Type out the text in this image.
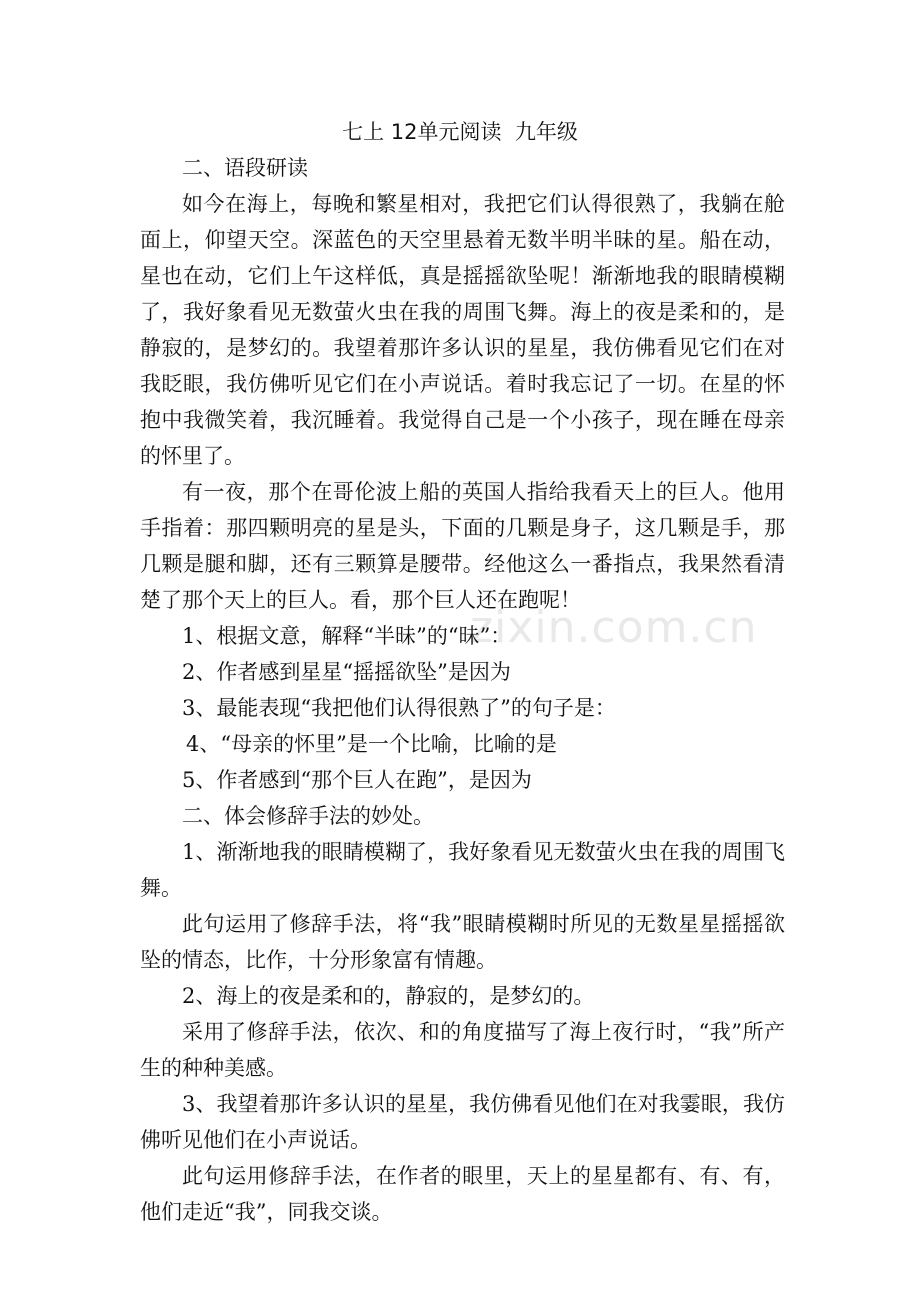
zixin.com.cn
七上 12单元阅读  九年级

二、语段研读

如今在海上，每晚和繁星相对，我把它们认得很熟了，我躺在舱面上，仰望天空。深蓝色的天空里悬着无数半明半昧的星。船在动，星也在动，它们上午这样低，真是摇摇欲坠呢！渐渐地我的眼睛模糊了，我好象看见无数萤火虫在我的周围飞舞。海上的夜是柔和的，是静寂的，是梦幻的。我望着那许多认识的星星，我仿佛看见它们在对我眨眼，我仿佛听见它们在小声说话。着时我忘记了一切。在星的怀抱中我微笑着，我沉睡着。我觉得自己是一个小孩子，现在睡在母亲的怀里了。

有一夜，那个在哥伦波上船的英国人指给我看天上的巨人。他用手指着：那四颗明亮的星是头，下面的几颗是身子，这几颗是手，那几颗是腿和脚，还有三颗算是腰带。经他这么一番指点，我果然看清楚了那个天上的巨人。看，那个巨人还在跑呢！

1、根据文意，解释“半昧”的“昧”：

2、作者感到星星“摇摇欲坠”是因为

3、最能表现“我把他们认得很熟了”的句子是：

4、“母亲的怀里”是一个比喻，比喻的是

5、作者感到“那个巨人在跑”，是因为

二、体会修辞手法的妙处。

1、渐渐地我的眼睛模糊了，我好象看见无数萤火虫在我的周围飞舞。

此句运用了修辞手法，将“我”眼睛模糊时所见的无数星星摇摇欲坠的情态，比作，十分形象富有情趣。

2、海上的夜是柔和的，静寂的，是梦幻的。

采用了修辞手法，依次、和的角度描写了海上夜行时，“我”所产生的种种美感。

3、我望着那许多认识的星星，我仿佛看见他们在对我霎眼，我仿佛听见他们在小声说话。

此句运用修辞手法，在作者的眼里，天上的星星都有、有、有，他们走近“我”，同我交谈。
